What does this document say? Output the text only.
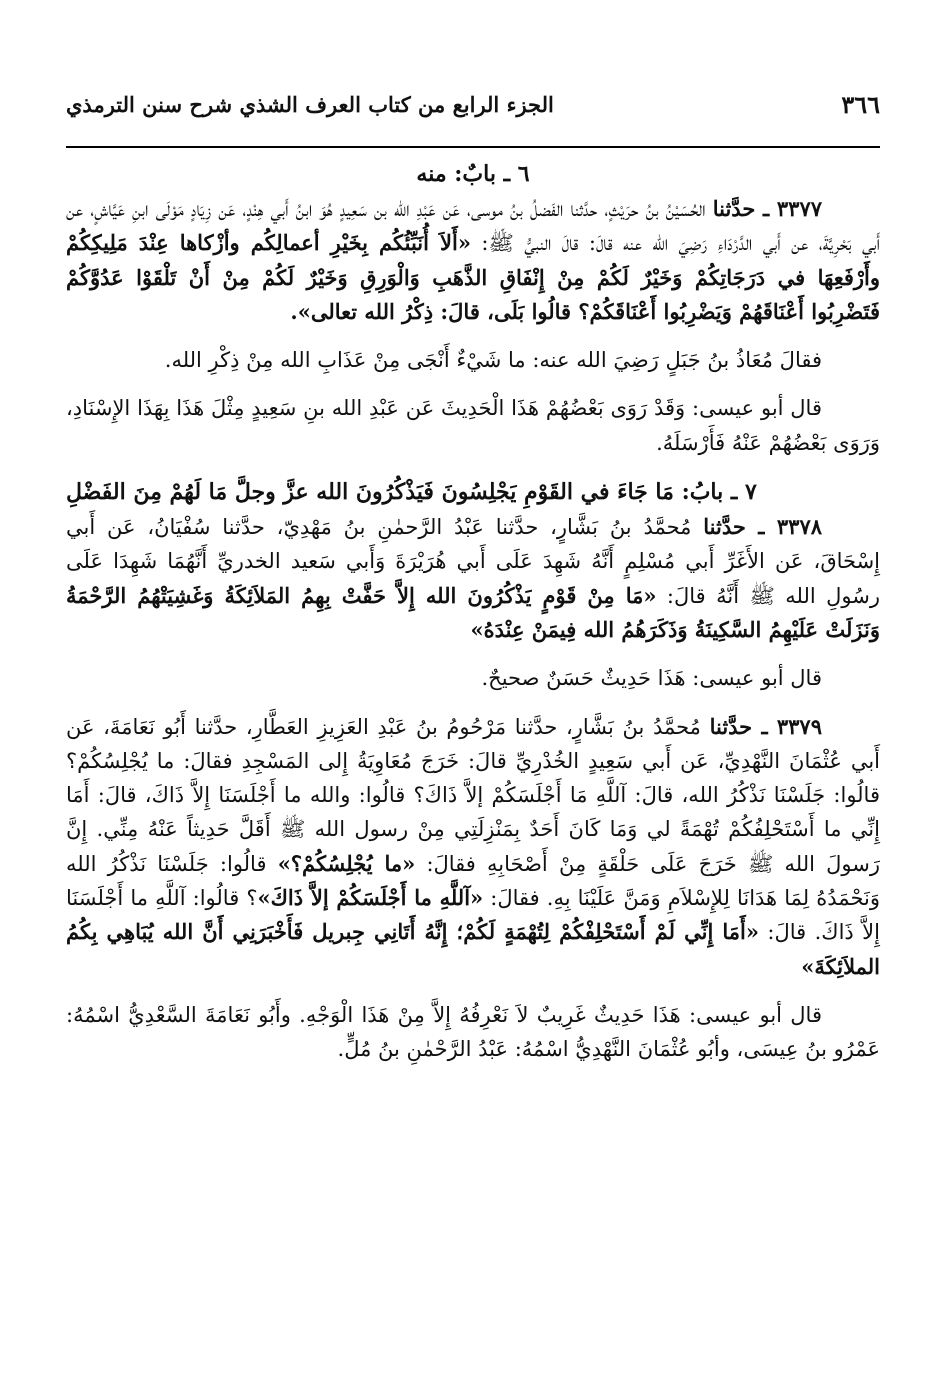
٣٦٦
الجزء الرابع من كتاب العرف الشذي شرح سنن الترمذي

٦ ـ بابٌ: منه

٣٣٧٧ ـ حدَّثنا الحُسَيْنُ بنُ حرَيْثٍ، حدَّثنا الفَضلُ بنُ موسى، عَن عَبْدِ الله بن سَعِيدٍ هُوَ ابنُ أَبي هِنْدٍ، عَن زِيَادٍ مَوْلَى ابنِ عَيَّاشٍ، عن أَبي بَحْرِيَّةَ، عن أَبي الدَّرْدَاءِ رَضِيَ الله عنه قالَ: قالَ النبيُّ ﷺ: «أَلاَ أُنَبِّئُكُم بِخَيْرِ أعمالِكُم وأزْكاها عِنْدَ مَلِيكِكُمْ وأَرْفَعِهَا في دَرَجَاتِكُمْ وَخَيْرٌ لَكُمْ مِنْ إِنْفَاقِ الذَّهَبِ وَالْوَرِقِ وَخَيْرٌ لَكُمْ مِنْ أَنْ تَلْقَوْا عَدُوَّكُمْ فَتَضْرِبُوا أَعْنَاقَهُمْ وَيَضْرِبُوا أَعْنَاقَكُمْ؟ قالُوا بَلَى، قالَ: ذِكْرُ الله تعالى».

فقالَ مُعَاذُ بنُ جَبَلٍ رَضِيَ الله عنه: ما شَيْءٌ أَنْجَى مِنْ عَذَابِ الله مِنْ ذِكْرِ الله.

قال أبو عيسى: وَقَدْ رَوَى بَعْضُهُمْ هَذَا الْحَدِيثَ عَن عَبْدِ الله بنِ سَعِيدٍ مِثْلَ هَذَا بِهَذَا الإِسْنَادِ، وَرَوَى بَعْضُهُمْ عَنْهُ فَأَرْسَلَهُ.

٧ ـ بابُ: مَا جَاءَ في القَوْمِ يَجْلِسُونَ فَيَذْكُرُونَ الله عزَّ وجلَّ مَا لَهُمْ مِنَ الفَضْلِ

٣٣٧٨ ـ حدَّثنا مُحمَّدُ بنُ بَشَّارٍ، حدَّثنا عَبْدُ الرَّحمٰنِ بنُ مَهْدِيّ، حدَّثنا سُفْيَانُ، عَن أَبي إِسْحَاقَ، عَن الأَغَرِّ أَبي مُسْلِمٍ أَنَّهُ شَهِدَ عَلَى أَبي هُرَيْرَةَ وَأَبي سَعيد الخدريِّ أَنَّهُمَا شَهِدَا عَلَى رسُولِ الله ﷺ أَنَّهُ قالَ: «مَا مِنْ قَوْمٍ يَذْكُرُونَ الله إِلاَّ حَفَّتْ بِهِمُ المَلاَئِكَةُ وَغَشِيَتْهُمُ الرَّحْمَةُ وَنَزَلَتْ عَلَيْهِمُ السَّكِينَةُ وَذَكَرَهُمُ الله فِيمَنْ عِنْدَهُ»

قال أبو عيسى: هَذَا حَدِيثٌ حَسَنٌ صحيحٌ.

٣٣٧٩ ـ حدَّثنا مُحمَّدُ بنُ بَشَّارٍ، حدَّثنا مَرْحُومُ بنُ عَبْدِ العَزِيزِ العَطَّارِ، حدَّثنا أَبُو نَعَامَةَ، عَن أَبي عُثْمَانَ النَّهْدِيِّ، عَن أَبي سَعِيدٍ الخُدْرِيِّ قالَ: خَرَجَ مُعَاوِيَةُ إِلى المَسْجِدِ فقالَ: ما يُجْلِسُكُمْ؟ قالُوا: جَلَسْنَا نَذْكُرُ الله، قالَ: آللَّهِ مَا أَجْلَسَكُمْ إلاَّ ذَاكَ؟ قالُوا: والله ما أَجْلَسَنَا إِلاَّ ذَاكَ، قالَ: أَمَا إِنِّي ما أَسْتَحْلِفُكُمْ تُهْمَةً لي وَمَا كَانَ أَحَدٌ بِمَنْزِلَتِي مِنْ رسول الله ﷺ أَقَلَّ حَدِيثاً عَنْهُ مِنِّي. إِنَّ رَسولَ الله ﷺ خَرَجَ عَلَى حَلْقَةٍ مِنْ أَصْحَابِهِ فقالَ: «ما يُجْلِسُكُمْ؟» قالُوا: جَلَسْنَا نَذْكُرُ الله وَنَحْمَدُهُ لِمَا هَدَانَا لِلإِسْلاَمِ وَمَنَّ عَلَيْنَا بِهِ. فقالَ: «آللَّهِ ما أَجْلَسَكُمْ إلاَّ ذَاكَ»؟ قالُوا: آللَّهِ ما أَجْلَسَنَا إِلاَّ ذَاكَ. قالَ: «أَمَا إِنِّي لَمْ أَسْتَحْلِفْكُمْ لِتُهْمَةٍ لَكُمْ؛ إِنَّهُ أَتَانِي جِبريل فَأَخْبَرَنِي أَنَّ الله يُبَاهِي بِكُمُ الملاَئِكَةَ»

قال أبو عيسى: هَذَا حَدِيثٌ غَرِيبٌ لاَ نَعْرِفُهُ إِلاَّ مِنْ هَذَا الْوَجْهِ. وأَبُو نَعَامَةَ السَّعْدِيُّ اسْمُهُ: عَمْرُو بنُ عِيسَى، وأبُو عُثْمَانَ النَّهْدِيُّ اسْمُهُ: عَبْدُ الرَّحْمٰنِ بنُ مُلٍّ.
